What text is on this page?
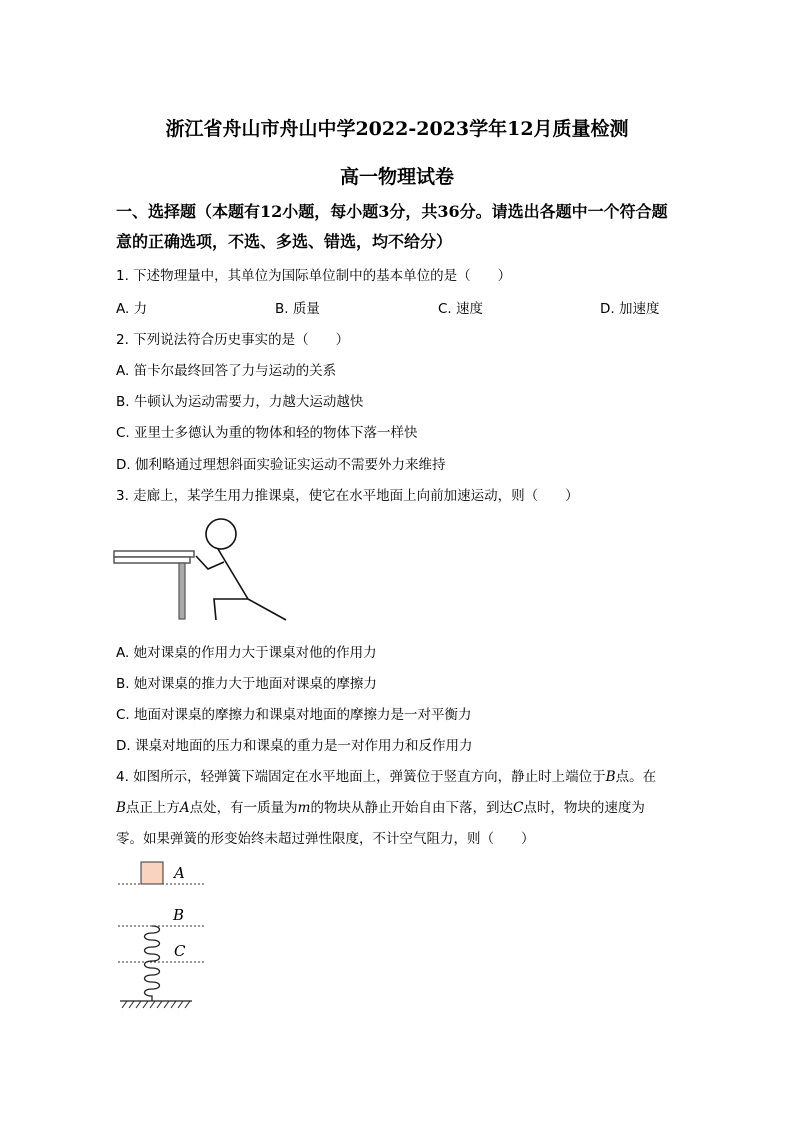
浙江省舟山市舟山中学2022-2023学年12月质量检测
高一物理试卷
一、选择题（本题有12小题，每小题3分，共36分。请选出各题中一个符合题
意的正确选项，不选、多选、错选，均不给分）
1. 下述物理量中，其单位为国际单位制中的基本单位的是（　　）
A. 力	B. 质量	C. 速度	D. 加速度
2. 下列说法符合历史事实的是（　　）
A. 笛卡尔最终回答了力与运动的关系
B. 牛顿认为运动需要力，力越大运动越快
C. 亚里士多德认为重的物体和轻的物体下落一样快
D. 伽利略通过理想斜面实验证实运动不需要外力来维持
3. 走廊上，某学生用力推课桌，使它在水平地面上向前加速运动，则（　　）
A. 她对课桌的作用力大于课桌对他的作用力
B. 她对课桌的推力大于地面对课桌的摩擦力
C. 地面对课桌的摩擦力和课桌对地面的摩擦力是一对平衡力
D. 课桌对地面的压力和课桌的重力是一对作用力和反作用力
4. 如图所示，轻弹簧下端固定在水平地面上，弹簧位于竖直方向，静止时上端位于B点。在
B点正上方A点处，有一质量为m的物块从静止开始自由下落，到达C点时，物块的速度为
零。如果弹簧的形变始终未超过弹性限度，不计空气阻力，则（　　）
A
B
C
